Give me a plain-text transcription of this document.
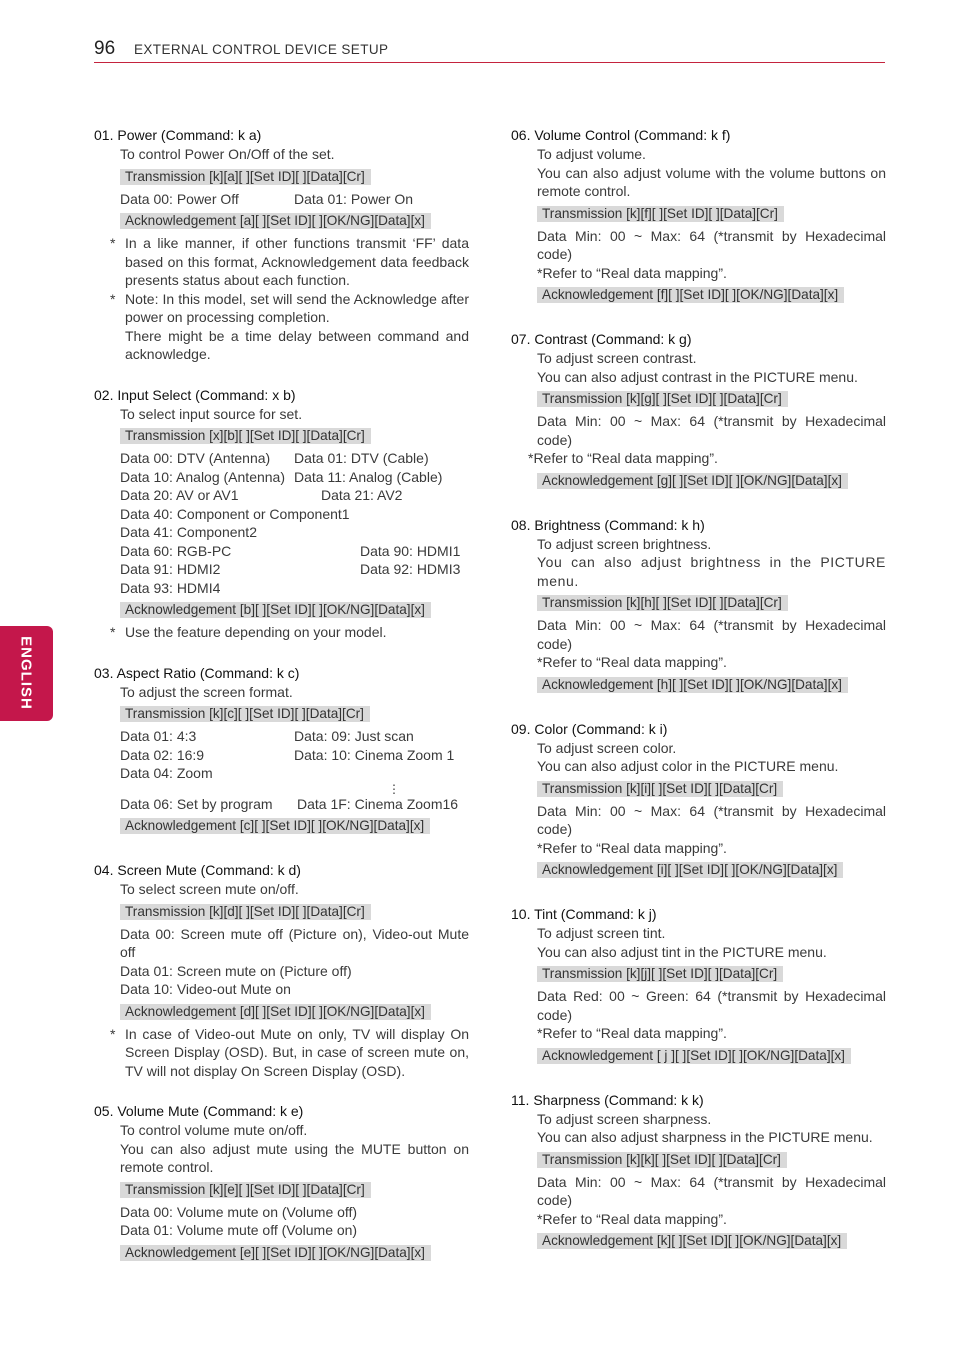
96 EXTERNAL CONTROL DEVICE SETUP
ENGLISH
01. Power (Command: k a)
To control Power On/Off of the set.
Transmission [k][a][ ][Set ID][ ][Data][Cr]
Data 00: Power Off	Data 01: Power On
Acknowledgement [a][ ][Set ID][ ][OK/NG][Data][x]
* In a like manner, if other functions transmit ‘FF’ data based on this format, Acknowledgement data feedback presents status about each function.
* Note: In this model, set will send the Acknowledge after power on processing completion.
There might be a time delay between command and acknowledge.
02. Input Select (Command: x b)
To select input source for set.
Transmission [x][b][ ][Set ID][ ][Data][Cr]
Data 00: DTV (Antenna)	Data 01: DTV (Cable)
Data 10: Analog (Antenna) Data 11: Analog (Cable)
Data 20: AV or AV1	Data 21: AV2
Data 40: Component or Component1
Data 41: Component2
Data 60: RGB-PC	Data 90: HDMI1
Data 91: HDMI2	Data 92: HDMI3
Data 93: HDMI4
Acknowledgement [b][ ][Set ID][ ][OK/NG][Data][x]
* Use the feature depending on your model.
03. Aspect Ratio (Command: k c)
To adjust the screen format.
Transmission [k][c][ ][Set ID][ ][Data][Cr]
Data 01: 4:3	Data: 09: Just scan
Data 02: 16:9	Data: 10: Cinema Zoom 1
Data 04: Zoom
⋮
Data 06: Set by program	Data 1F: Cinema Zoom16
Acknowledgement [c][ ][Set ID][ ][OK/NG][Data][x]
04. Screen Mute (Command: k d)
To select screen mute on/off.
Transmission [k][d][ ][Set ID][ ][Data][Cr]
Data 00: Screen mute off (Picture on), Video-out Mute off
Data 01: Screen mute on (Picture off)
Data 10: Video-out Mute on
Acknowledgement [d][ ][Set ID][ ][OK/NG][Data][x]
* In case of Video-out Mute on only, TV will display On Screen Display (OSD). But, in case of screen mute on, TV will not display On Screen Display (OSD).
05. Volume Mute (Command: k e)
To control volume mute on/off.
You can also adjust mute using the MUTE button on remote control.
Transmission [k][e][ ][Set ID][ ][Data][Cr]
Data 00: Volume mute on (Volume off)
Data 01: Volume mute off (Volume on)
Acknowledgement [e][ ][Set ID][ ][OK/NG][Data][x]
06. Volume Control (Command: k f)
To adjust volume.
You can also adjust volume with the volume buttons on remote control.
Transmission [k][f][ ][Set ID][ ][Data][Cr]
Data Min: 00 ~ Max: 64 (*transmit by Hexadecimal code)
*Refer to “Real data mapping”.
Acknowledgement [f][ ][Set ID][ ][OK/NG][Data][x]
07. Contrast (Command: k g)
To adjust screen contrast.
You can also adjust contrast in the PICTURE menu.
Transmission [k][g][ ][Set ID][ ][Data][Cr]
Data Min: 00 ~ Max: 64 (*transmit by Hexadecimal code)
*Refer to “Real data mapping”.
Acknowledgement [g][ ][Set ID][ ][OK/NG][Data][x]
08. Brightness (Command: k h)
To adjust screen brightness.
You can also adjust brightness in the PICTURE menu.
Transmission [k][h][ ][Set ID][ ][Data][Cr]
Data Min: 00 ~ Max: 64 (*transmit by Hexadecimal code)
*Refer to “Real data mapping”.
Acknowledgement [h][ ][Set ID][ ][OK/NG][Data][x]
09. Color (Command: k i)
To adjust screen color.
You can also adjust color in the PICTURE menu.
Transmission [k][i][ ][Set ID][ ][Data][Cr]
Data Min: 00 ~ Max: 64 (*transmit by Hexadecimal code)
*Refer to “Real data mapping”.
Acknowledgement [i][ ][Set ID][ ][OK/NG][Data][x]
10. Tint (Command: k j)
To adjust screen tint.
You can also adjust tint in the PICTURE menu.
Transmission [k][j][ ][Set ID][ ][Data][Cr]
Data Red: 00 ~ Green: 64 (*transmit by Hexadecimal code)
*Refer to “Real data mapping”.
Acknowledgement [ j ][ ][Set ID][ ][OK/NG][Data][x]
11. Sharpness (Command: k k)
To adjust screen sharpness.
You can also adjust sharpness in the PICTURE menu.
Transmission [k][k][ ][Set ID][ ][Data][Cr]
Data Min: 00 ~ Max: 64 (*transmit by Hexadecimal code)
*Refer to “Real data mapping”.
Acknowledgement [k][ ][Set ID][ ][OK/NG][Data][x]
